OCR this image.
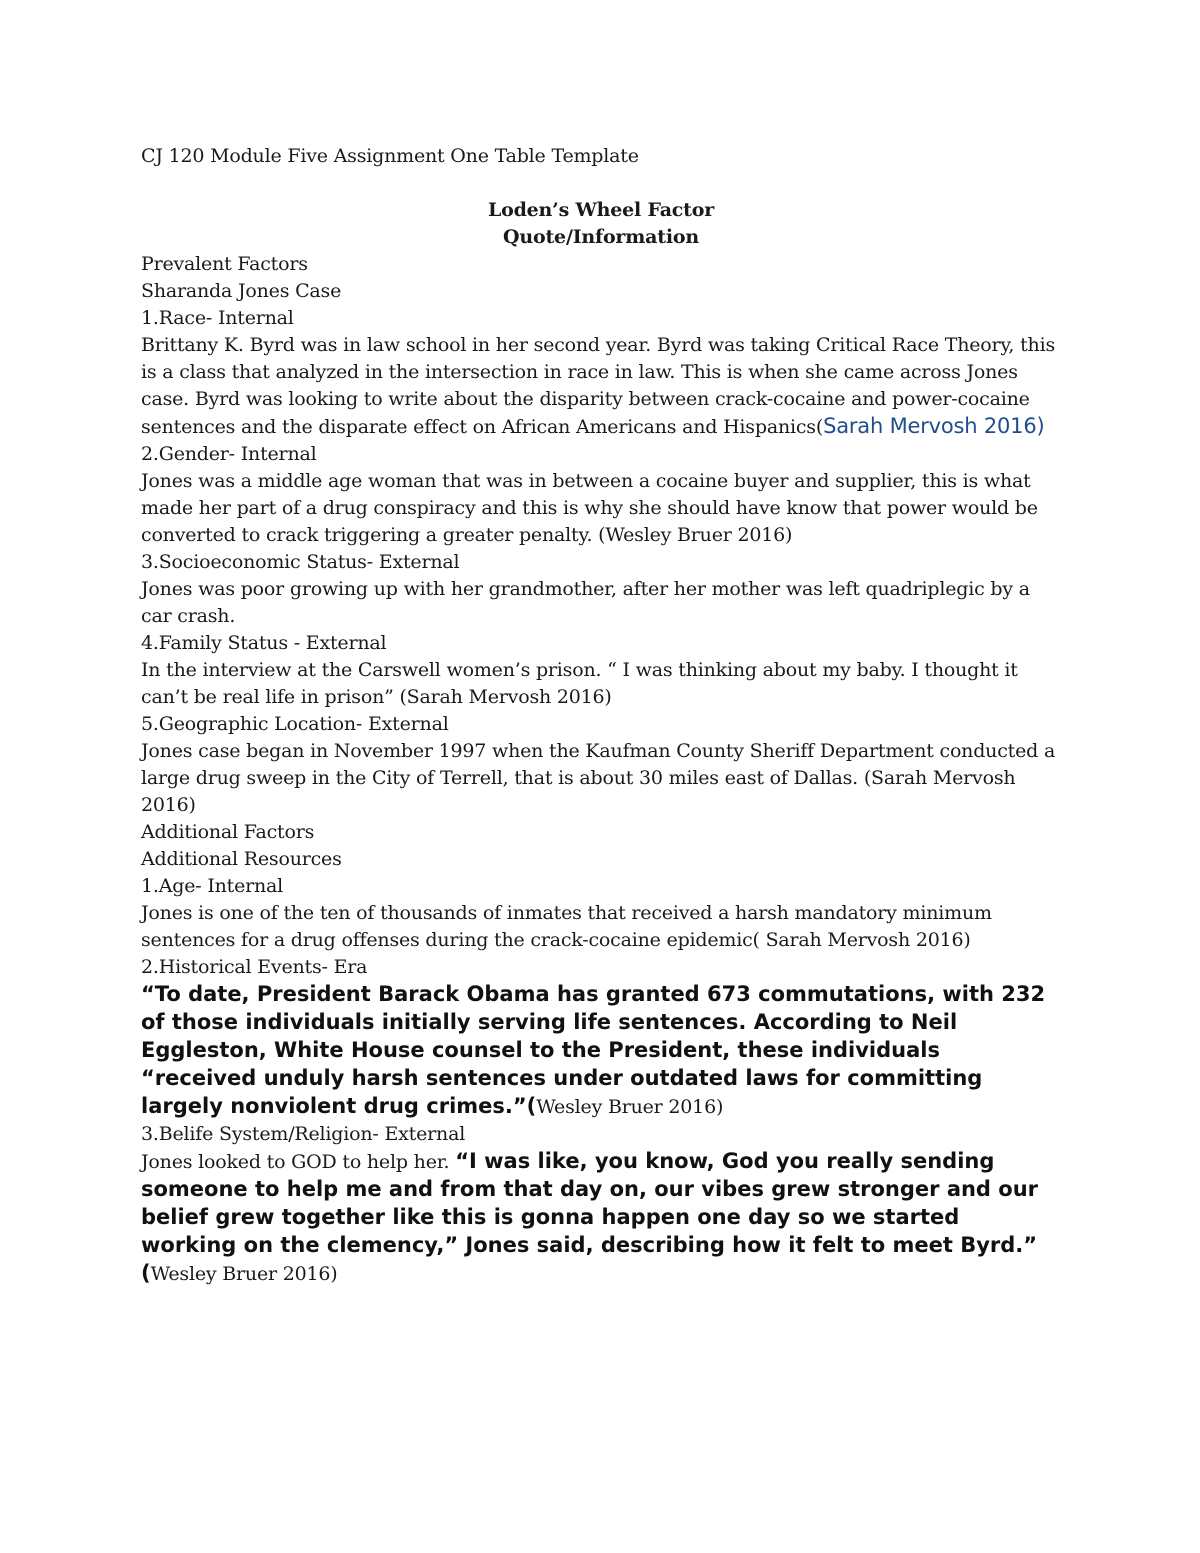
CJ 120 Module Five Assignment One Table Template
Loden’s Wheel Factor
Quote/Information
Prevalent Factors
Sharanda Jones Case
1.Race- Internal
Brittany K. Byrd was in law school in her second year. Byrd was taking Critical Race Theory, this is a class that analyzed in the intersection in race in law. This is when she came across Jones case. Byrd was looking to write about the disparity between crack-cocaine and power-cocaine sentences and the disparate effect on African Americans and Hispanics(Sarah Mervosh 2016)
2.Gender- Internal
Jones was a middle age woman that was in between a cocaine buyer and supplier, this is what made her part of a drug conspiracy and this is why she should have know that power would be converted to crack triggering a greater penalty. (Wesley Bruer 2016)
3.Socioeconomic Status- External
Jones was poor growing up with her grandmother, after her mother was left quadriplegic by a car crash.
4.Family Status - External
In the interview at the Carswell women’s prison. “ I was thinking about my baby. I thought it can’t be real life in prison” (Sarah Mervosh 2016)
5.Geographic Location- External
Jones case began in November 1997 when the Kaufman County Sheriff Department conducted a large drug sweep in the City of Terrell, that is about 30 miles east of Dallas. (Sarah Mervosh 2016)
Additional Factors
Additional Resources
1.Age- Internal
Jones is one of the ten of thousands of inmates that received a harsh mandatory minimum sentences for a drug offenses during the crack-cocaine epidemic( Sarah Mervosh 2016)
2.Historical Events- Era
“To date, President Barack Obama has granted 673 commutations, with 232 of those individuals initially serving life sentences. According to Neil Eggleston, White House counsel to the President, these individuals “received unduly harsh sentences under outdated laws for committing largely nonviolent drug crimes.”(Wesley Bruer 2016)
3.Belife System/Religion- External
Jones looked to GOD to help her. “I was like, you know, God you really sending someone to help me and from that day on, our vibes grew stronger and our belief grew together like this is gonna happen one day so we started working on the clemency,” Jones said, describing how it felt to meet Byrd.” (Wesley Bruer 2016)
